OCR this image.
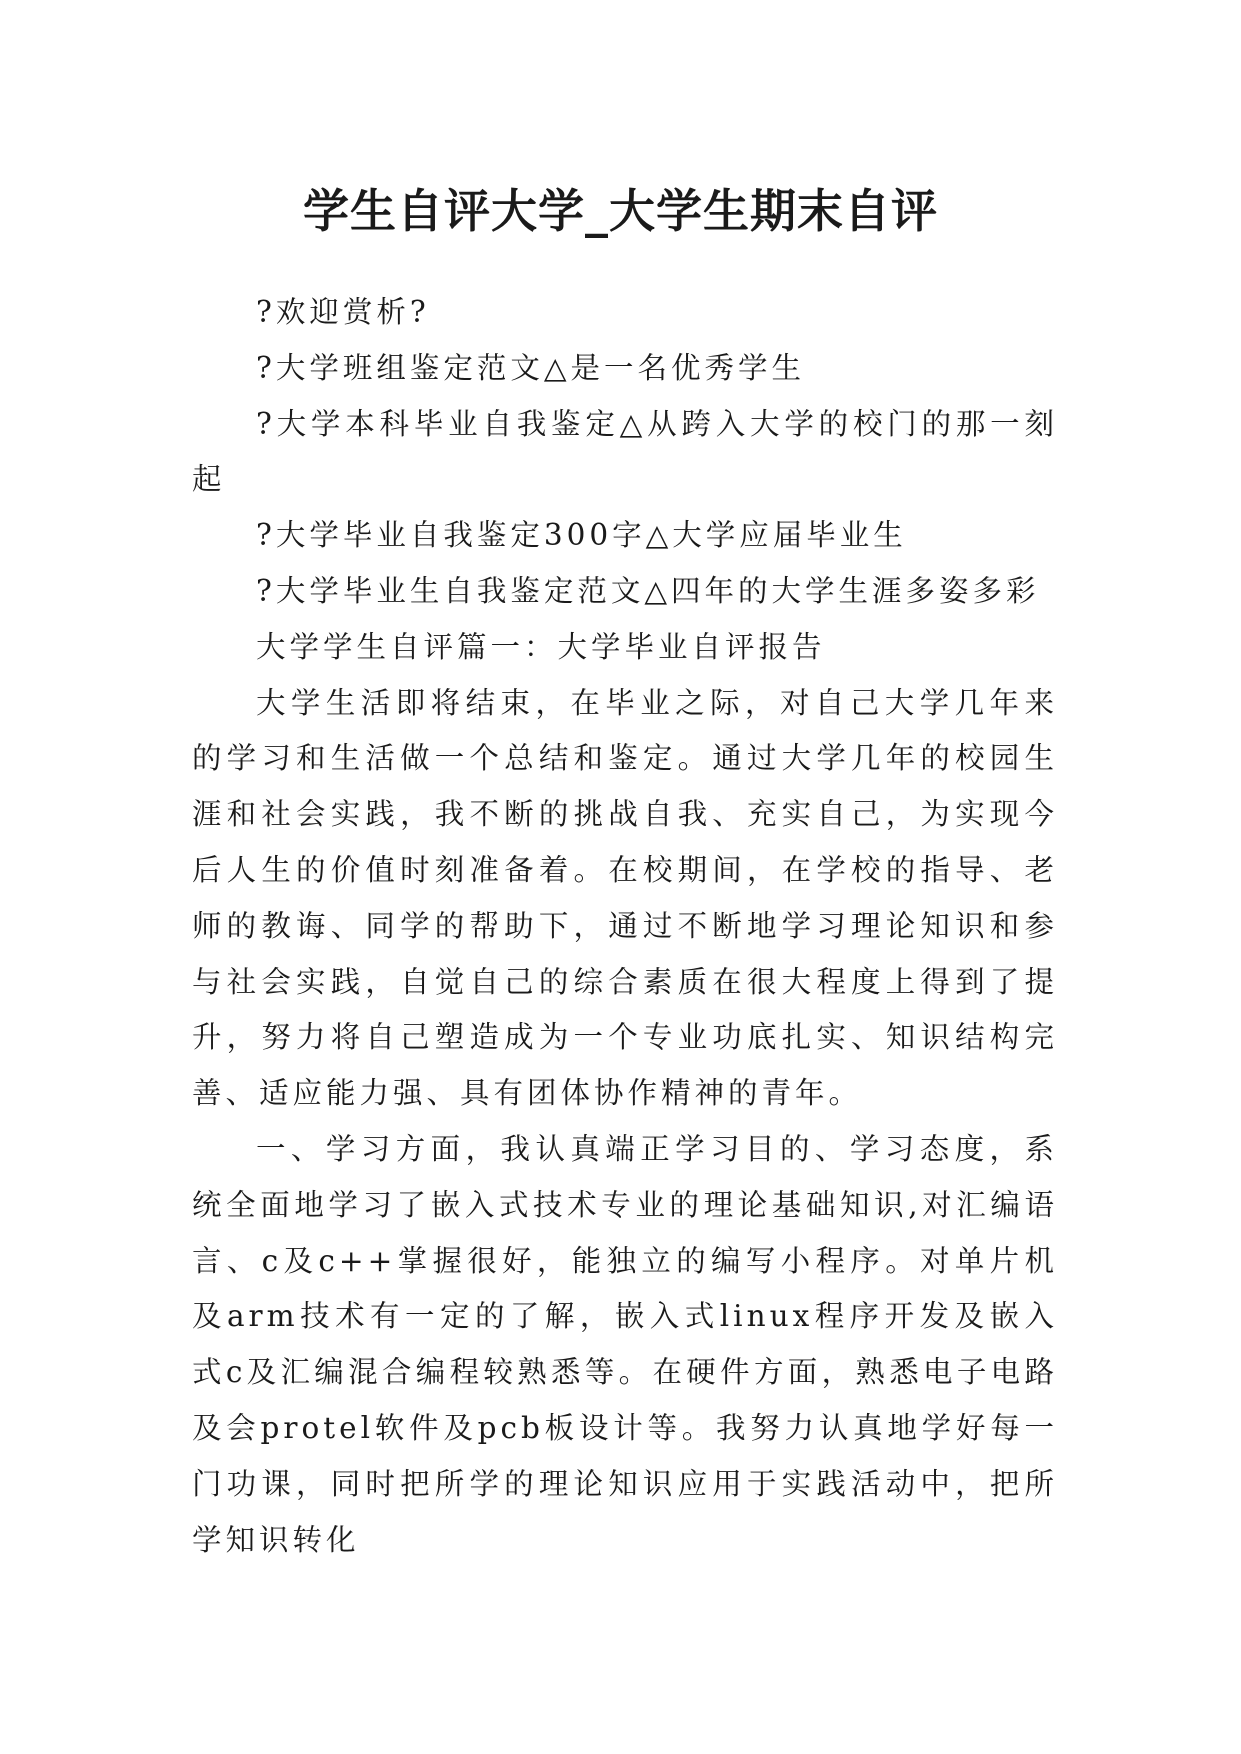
学生自评大学_大学生期末自评

?欢迎赏析?

?大学班组鉴定范文△是一名优秀学生

?大学本科毕业自我鉴定△从跨入大学的校门的那一刻起

?大学毕业自我鉴定300字△大学应届毕业生

?大学毕业生自我鉴定范文△四年的大学生涯多姿多彩

大学学生自评篇一：大学毕业自评报告

大学生活即将结束，在毕业之际，对自己大学几年来的学习和生活做一个总结和鉴定。通过大学几年的校园生涯和社会实践，我不断的挑战自我、充实自己，为实现今后人生的价值时刻准备着。在校期间，在学校的指导、老师的教诲、同学的帮助下，通过不断地学习理论知识和参与社会实践，自觉自己的综合素质在很大程度上得到了提升，努力将自己塑造成为一个专业功底扎实、知识结构完善、适应能力强、具有团体协作精神的青年。

一、学习方面，我认真端正学习目的、学习态度，系统全面地学习了嵌入式技术专业的理论基础知识,对汇编语言、c及c++掌握很好，能独立的编写小程序。对单片机及arm技术有一定的了解，嵌入式linux程序开发及嵌入式c及汇编混合编程较熟悉等。在硬件方面，熟悉电子电路及会protel软件及pcb板设计等。我努力认真地学好每一门功课，同时把所学的理论知识应用于实践活动中，把所学知识转化
